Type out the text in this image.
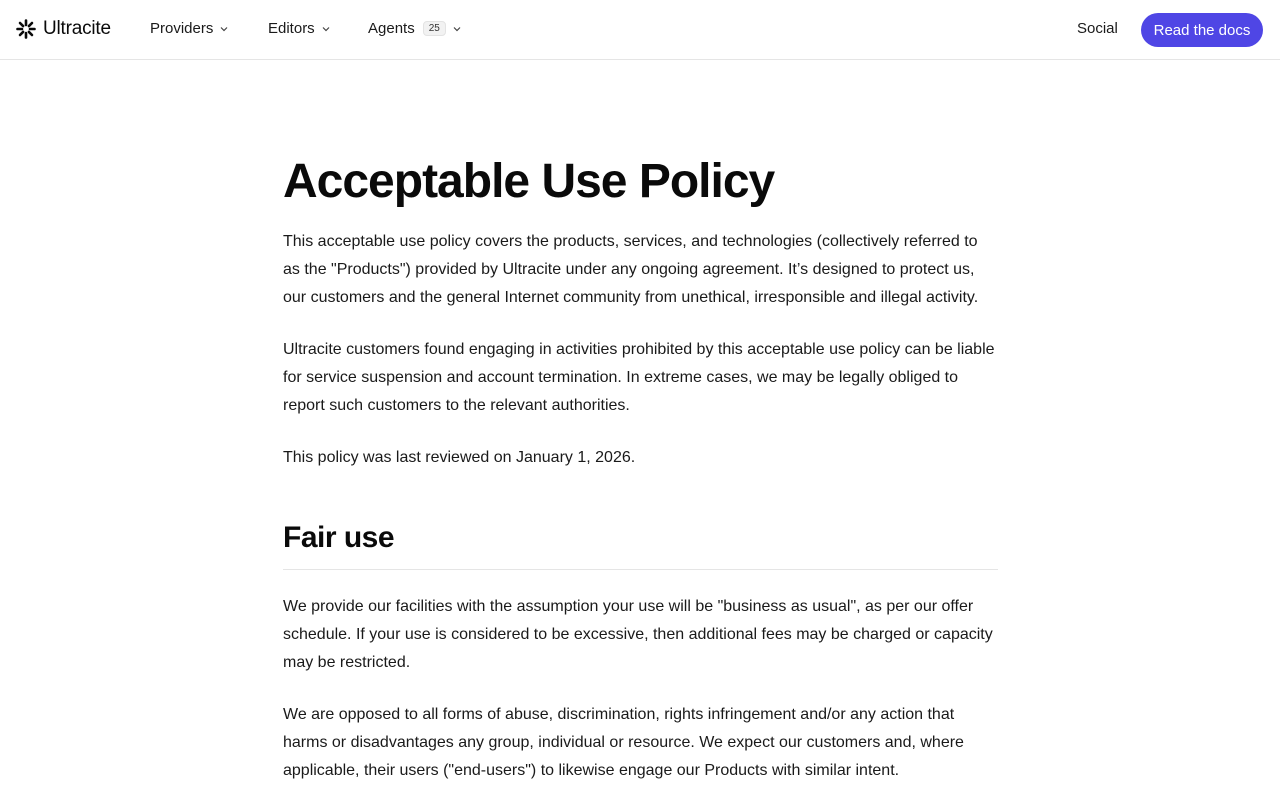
Ultracite	Providers	Editors	Agents	25	Social	Read the docs
Acceptable Use Policy

This acceptable use policy covers the products, services, and technologies (collectively referred to as the "Products") provided by Ultracite under any ongoing agreement. It’s designed to protect us, our customers and the general Internet community from unethical, irresponsible and illegal activity.

Ultracite customers found engaging in activities prohibited by this acceptable use policy can be liable for service suspension and account termination. In extreme cases, we may be legally obliged to report such customers to the relevant authorities.

This policy was last reviewed on January 1, 2026.

Fair use

We provide our facilities with the assumption your use will be "business as usual", as per our offer schedule. If your use is considered to be excessive, then additional fees may be charged or capacity may be restricted.

We are opposed to all forms of abuse, discrimination, rights infringement and/or any action that harms or disadvantages any group, individual or resource. We expect our customers and, where applicable, their users ("end-users") to likewise engage our Products with similar intent.
